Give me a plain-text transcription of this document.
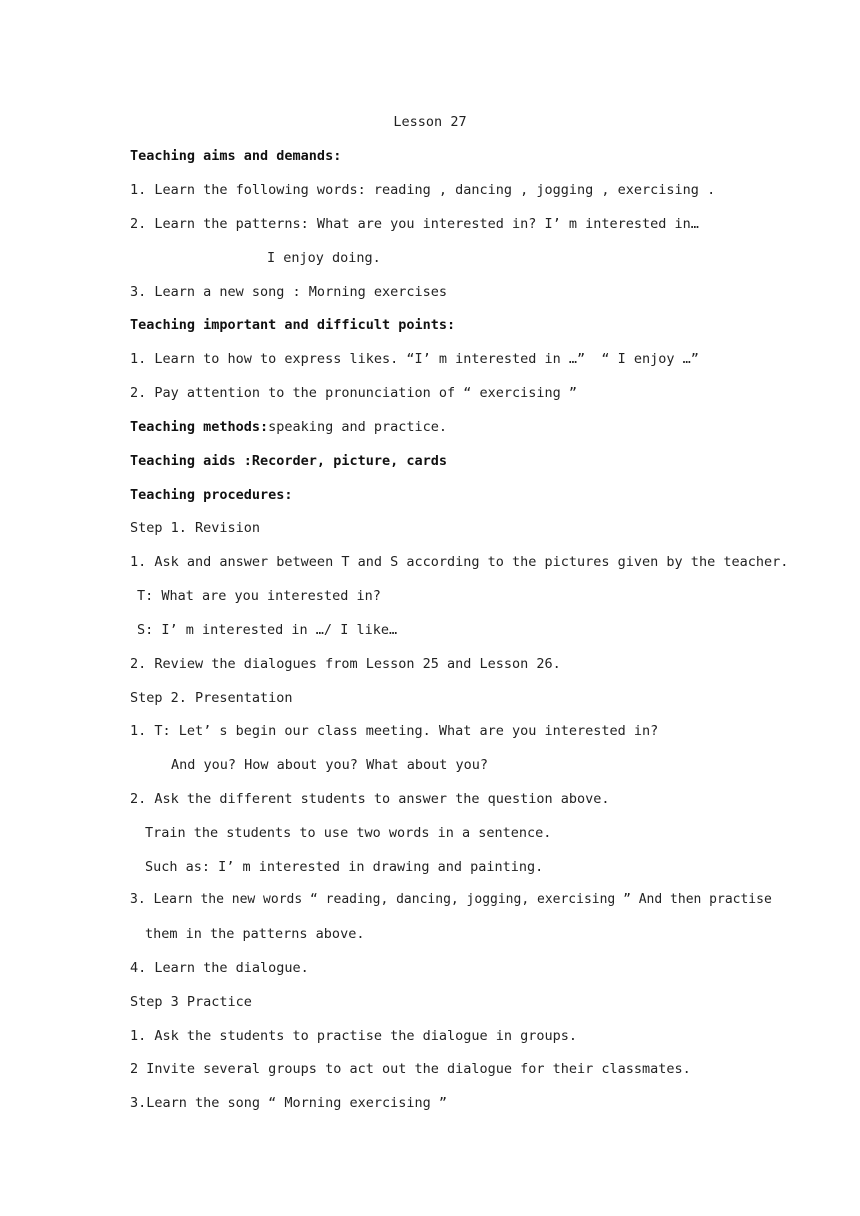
Lesson 27
Teaching aims and demands:
1. Learn the following words: reading , dancing , jogging , exercising .
2. Learn the patterns: What are you interested in? I’ m interested in…
I enjoy doing.
3. Learn a new song : Morning exercises
Teaching important and difficult points:
1. Learn to how to express likes. “I’ m interested in …”  “ I enjoy …”
2. Pay attention to the pronunciation of “ exercising ”
Teaching methods:speaking and practice.
Teaching aids :Recorder, picture, cards
Teaching procedures:
Step 1. Revision
1. Ask and answer between T and S according to the pictures given by the teacher.
T: What are you interested in?
S: I’ m interested in …/ I like…
2. Review the dialogues from Lesson 25 and Lesson 26.
Step 2. Presentation
1. T: Let’ s begin our class meeting. What are you interested in?
And you? How about you? What about you?
2. Ask the different students to answer the question above.
Train the students to use two words in a sentence.
Such as: I’ m interested in drawing and painting.
3. Learn the new words “ reading, dancing, jogging, exercising ” And then practise
them in the patterns above.
4. Learn the dialogue.
Step 3 Practice
1. Ask the students to practise the dialogue in groups.
2 Invite several groups to act out the dialogue for their classmates.
3.Learn the song “ Morning exercising ”
